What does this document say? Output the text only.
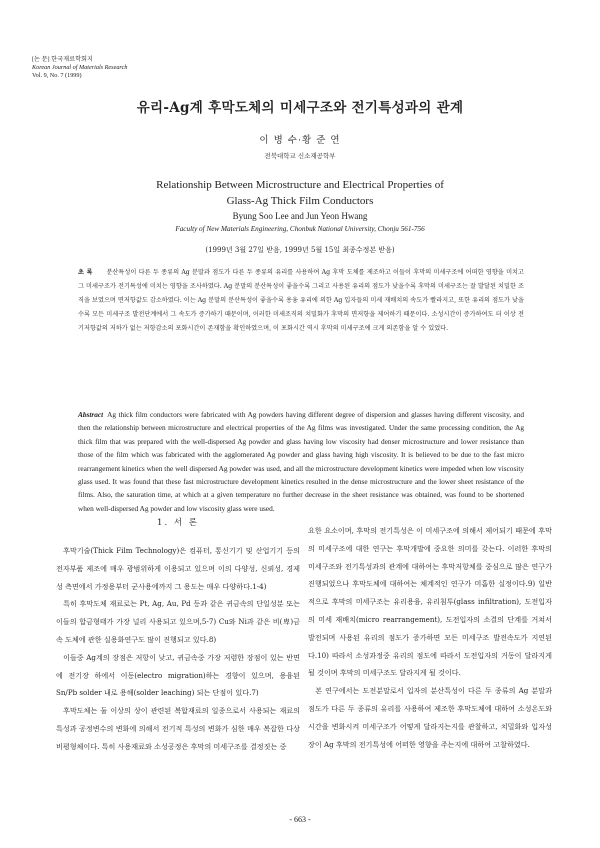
[논 문] 한국재료학회지
Korean Journal of Materials Research
Vol. 9, No. 7 (1999)
유리-Ag계 후막도체의 미세구조와 전기특성과의 관계
이 병 수·황 준 연
전북대학교 신소재공학부
Relationship Between Microstructure and Electrical Properties of
Glass-Ag Thick Film Conductors
Byung Soo Lee and Jun Yeon Hwang
Faculty of New Materials Engineering, Chonbuk National University, Chonju 561-756
(1999년 3월 27일 받음, 1999년 5월 15일 최종수정본 받음)
초 록 분산특성이 다른 두 종류의 Ag 분말과 점도가 다른 두 종류의 유리를 사용하여 Ag 후막 도체를 제조하고 이들이 후막의 미세구조에 어떠한 영향을 미치고 그 미세구조가 전기특성에 미치는 영향을 조사하였다. Ag 분말의 분산특성이 좋을수록 그리고 사용된 유리의 점도가 낮을수록 후막의 미세구조는 잘 발달된 치밀한 조직을 보였으며 면저항값도 감소하였다. 이는 Ag 분말의 분산특성이 좋을수록 용융 유리에 의한 Ag 입자들의 미세 재배치의 속도가 빨라지고, 또한 유리의 점도가 낮을수록 모든 미세구조 발전단계에서 그 속도가 증가하기 때문이며, 이러한 미세조직의 치밀화가 후막의 면저항을 제어하기 때문이다. 소성시간이 증가하여도 더 이상 전기저항값의 저하가 없는 저항감소의 포화시간이 존재함을 확인하였으며, 이 포화시간 역시 후막의 미세구조에 크게 의존함을 알 수 있었다.
Abstract Ag thick film conductors were fabricated with Ag powders having different degree of dispersion and glasses having different viscosity, and then the relationship between microstructure and electrical properties of the Ag films was investigated. Under the same processing condition, the Ag thick film that was prepared with the well-dispersed Ag powder and glass having low viscosity had denser microstructure and lower resistance than those of the film which was fabricated with the agglomerated Ag powder and glass having high viscosity. It is believed to be due to the fast micro rearrangement kinetics when the well dispersed Ag powder was used, and all the microstructure development kinetics were impeded when low viscosity glass used. It was found that these fast microstructure development kinetics resulted in the dense microstructure and the lower sheet resistance of the films. Also, the saturation time, at which at a given temperature no further decrease in the sheet resistance was obtained, was found to be shortened when well-dispersed Ag powder and low viscosity glass were used.
1. 서 론

후막기술(Thick Film Technology)은 컴퓨터, 통신기기 및 산업기기 등의 전자부품 제조에 매우 광범위하게 이용되고 있으며 이의 다양성, 신뢰성, 경제성 측면에서 가정용부터 군사용에까지 그 용도는 매우 다양하다.1-4)

특히 후막도체 재료로는 Pt, Ag, Au, Pd 등과 같은 귀금속의 단일성분 또는 이들의 합금형태가 가장 널리 사용되고 있으며,5-7) Cu와 Ni과 같은 비(卑)금속 도체에 관한 실용화연구도 많이 진행되고 있다.8)

이들중 Ag계의 장점은 저항이 낮고, 귀금속중 가장 저렴한 장점이 있는 반면에 전기장 하에서 이동(electro migration)하는 경향이 있으며, 용융된 Sn/Pb solder 내로 용해(solder leaching) 되는 단점이 있다.7)

후막도체는 둘 이상의 상이 관련된 복합재료의 일종으로서 사용되는 재료의 특성과 공정변수의 변화에 의해서 전기적 특성의 변화가 심한 매우 복잡한 다상 비평형체이다. 특히 사용재료와 소성공정은 후막의 미세구조를 결정짓는 중

요한 요소이며, 후막의 전기특성은 이 미세구조에 의해서 제어되기 때문에 후막의 미세구조에 대한 연구는 후막개발에 중요한 의미를 갖는다. 이러한 후막의 미세구조와 전기특성과의 관계에 대하여는 후막저항체를 중심으로 많은 연구가 진행되었으나 후막도체에 대하여는 체계적인 연구가 미흡한 실정이다.9) 일반적으로 후막의 미세구조는 유리용융, 유리침투(glass infiltration), 도전입자의 미세 재배치(micro rearrangement), 도전입자의 소결의 단계를 거쳐서 발전되며 사용된 유리의 점도가 증가하면 모든 미세구조 발전속도가 지연된다.10) 따라서 소성과정중 유리의 점도에 따라서 도전입자의 거동이 달라지게 될 것이며 후막의 미세구조도 달라지게 될 것이다.

본 연구에서는 도전분말로서 입자의 분산특성이 다른 두 종류의 Ag 분말과 점도가 다른 두 종류의 유리를 사용하여 제조한 후막도체에 대하여 소성온도와 시간을 변화시켜 미세구조가 어떻게 달라지는지를 관찰하고, 치밀화와 입자성장이 Ag 후막의 전기특성에 어떠한 영향을 주는지에 대하여 고찰하였다.

- 663 -
